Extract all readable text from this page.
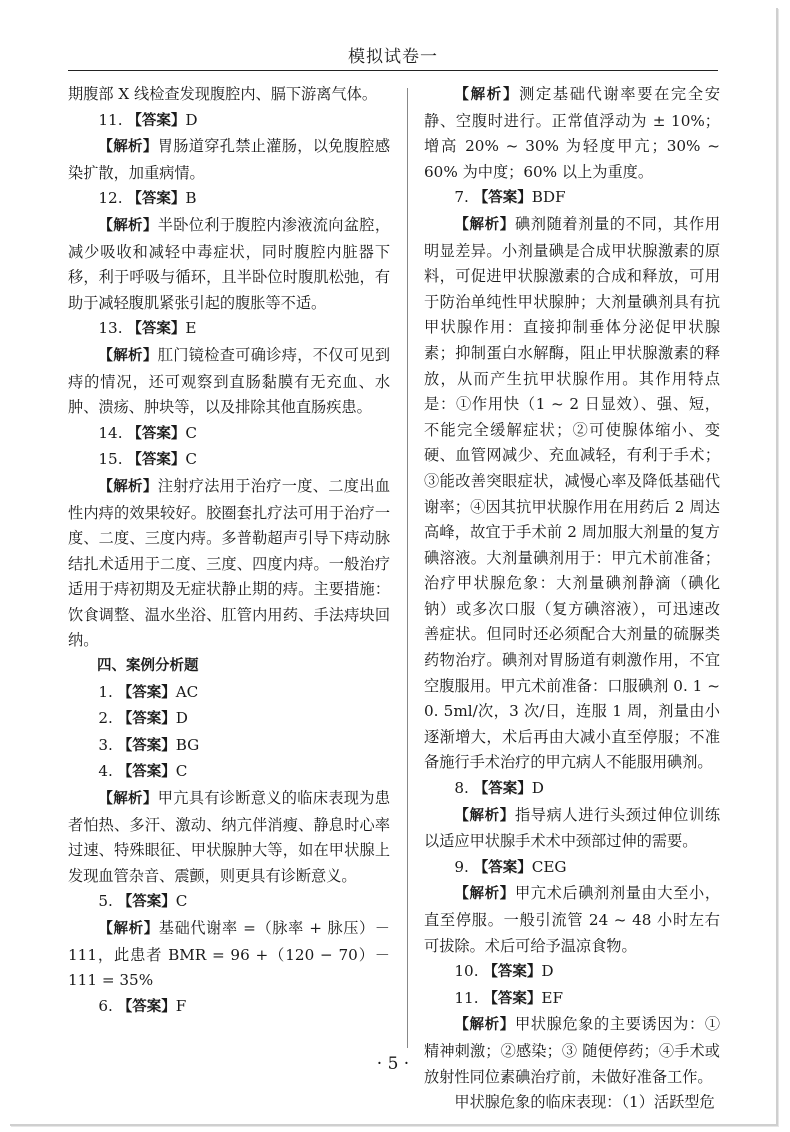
模拟试卷一

期腹部 X 线检查发现腹腔内、膈下游离气体。

11. 【答案】D

【解析】胃肠道穿孔禁止灌肠，以免腹腔感染扩散，加重病情。

12. 【答案】B

【解析】半卧位利于腹腔内渗液流向盆腔，减少吸收和减轻中毒症状，同时腹腔内脏器下移，利于呼吸与循环，且半卧位时腹肌松弛，有助于减轻腹肌紧张引起的腹胀等不适。

13. 【答案】E

【解析】肛门镜检查可确诊痔，不仅可见到痔的情况，还可观察到直肠黏膜有无充血、水肿、溃疡、肿块等，以及排除其他直肠疾患。

14. 【答案】C

15. 【答案】C

【解析】注射疗法用于治疗一度、二度出血性内痔的效果较好。胶圈套扎疗法可用于治疗一度、二度、三度内痔。多普勒超声引导下痔动脉结扎术适用于二度、三度、四度内痔。一般治疗适用于痔初期及无症状静止期的痔。主要措施：饮食调整、温水坐浴、肛管内用药、手法痔块回纳。

四、案例分析题

1. 【答案】AC

2. 【答案】D

3. 【答案】BG

4. 【答案】C

【解析】甲亢具有诊断意义的临床表现为患者怕热、多汗、激动、纳亢伴消瘦、静息时心率过速、特殊眼征、甲状腺肿大等，如在甲状腺上发现血管杂音、震颤，则更具有诊断意义。

5. 【答案】C

【解析】基础代谢率 =（脉率 + 脉压）－111，此患者 BMR = 96 +（120 − 70）－111 = 35%

6. 【答案】F

【解析】测定基础代谢率要在完全安静、空腹时进行。正常值浮动为 ± 10%；增高 20% ~ 30% 为轻度甲亢；30% ~ 60% 为中度；60% 以上为重度。

7. 【答案】BDF

【解析】碘剂随着剂量的不同，其作用明显差异。小剂量碘是合成甲状腺激素的原料，可促进甲状腺激素的合成和释放，可用于防治单纯性甲状腺肿；大剂量碘剂具有抗甲状腺作用：直接抑制垂体分泌促甲状腺素；抑制蛋白水解酶，阻止甲状腺激素的释放，从而产生抗甲状腺作用。其作用特点是：①作用快（1 ~ 2 日显效）、强、短，不能完全缓解症状；②可使腺体缩小、变硬、血管网减少、充血减轻，有利于手术；③能改善突眼症状，减慢心率及降低基础代谢率；④因其抗甲状腺作用在用药后 2 周达高峰，故宜于手术前 2 周加服大剂量的复方碘溶液。大剂量碘剂用于：甲亢术前准备；治疗甲状腺危象：大剂量碘剂静滴（碘化钠）或多次口服（复方碘溶液），可迅速改善症状。但同时还必须配合大剂量的硫脲类药物治疗。碘剂对胃肠道有刺激作用，不宜空腹服用。甲亢术前准备：口服碘剂 0. 1 ~ 0. 5ml/次，3 次/日，连服 1 周，剂量由小逐渐增大，术后再由大减小直至停服；不准备施行手术治疗的甲亢病人不能服用碘剂。

8. 【答案】D

【解析】指导病人进行头颈过伸位训练以适应甲状腺手术术中颈部过伸的需要。

9. 【答案】CEG

【解析】甲亢术后碘剂剂量由大至小，直至停服。一般引流管 24 ~ 48 小时左右可拔除。术后可给予温凉食物。

10. 【答案】D

11. 【答案】EF

【解析】甲状腺危象的主要诱因为：①精神刺激；②感染；③ 随便停药；④手术或放射性同位素碘治疗前，未做好准备工作。

甲状腺危象的临床表现：（1）活跃型危

· 5 ·
